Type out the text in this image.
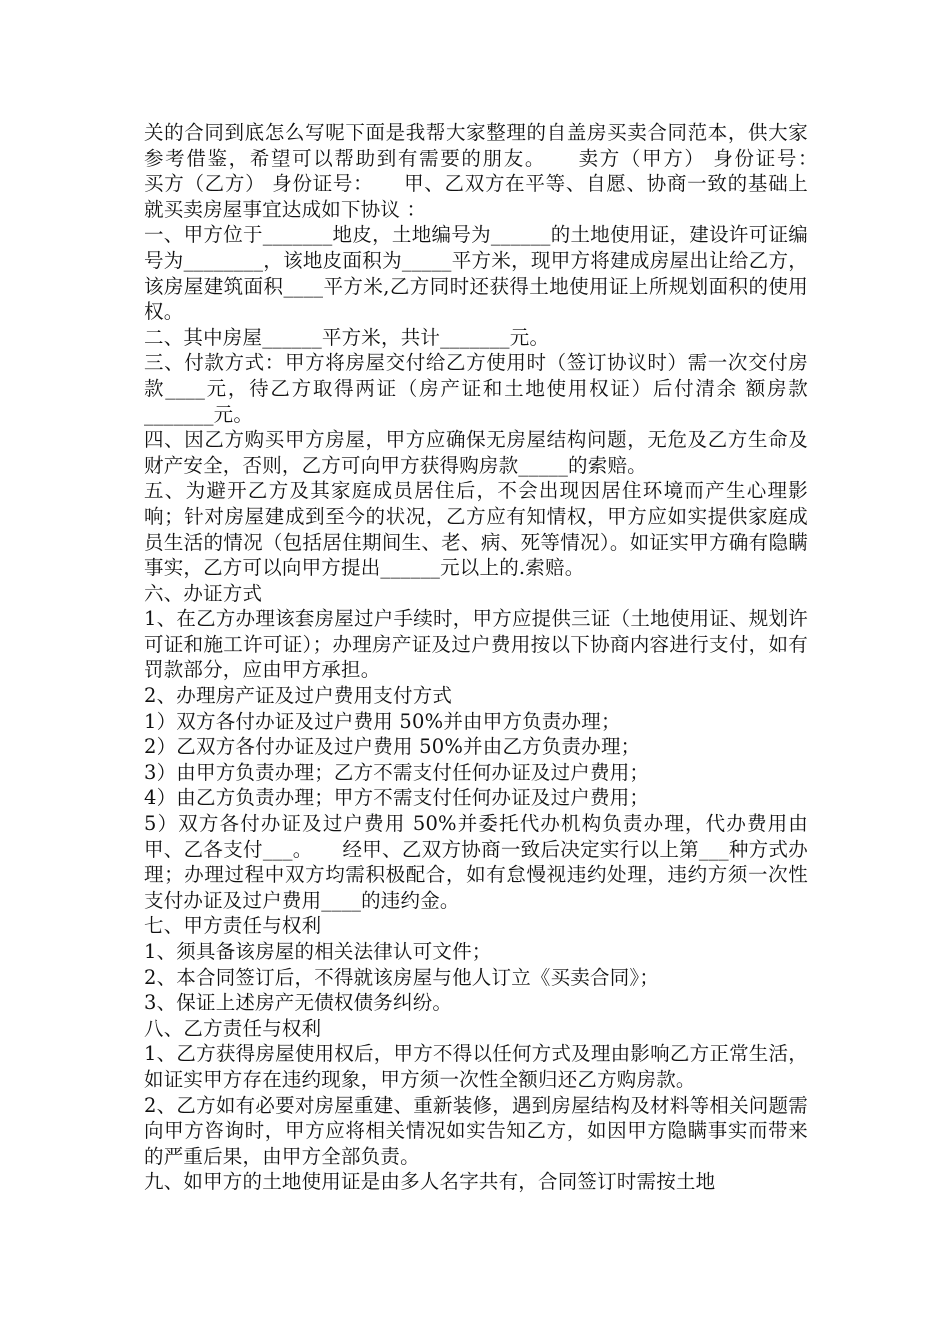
关的合同到底怎么写呢下面是我帮大家整理的自盖房买卖合同范本，供大家参考借鉴，希望可以帮助到有需要的朋友。　　卖方（甲方） 身份证号：　　买方（乙方） 身份证号：　　甲、乙双方在平等、自愿、协商一致的基础上就买卖房屋事宜达成如下协议 ：

一、甲方位于_______地皮，土地编号为______的土地使用证，建设许可证编号为________，该地皮面积为_____平方米，现甲方将建成房屋出让给乙方，该房屋建筑面积____平方米,乙方同时还获得土地使用证上所规划面积的使用权。

二、其中房屋______平方米，共计_______元。

三、付款方式：甲方将房屋交付给乙方使用时（签订协议时）需一次交付房款____元，待乙方取得两证（房产证和土地使用权证）后付清余 额房款_______元。

四、因乙方购买甲方房屋，甲方应确保无房屋结构问题，无危及乙方生命及财产安全，否则，乙方可向甲方获得购房款_____的索赔。

五、为避开乙方及其家庭成员居住后，不会出现因居住环境而产生心理影响；针对房屋建成到至今的状况，乙方应有知情权，甲方应如实提供家庭成员生活的情况（包括居住期间生、老、病、死等情况）。如证实甲方确有隐瞒事实，乙方可以向甲方提出______元以上的.索赔。

六、办证方式

1、在乙方办理该套房屋过户手续时，甲方应提供三证（土地使用证、规划许可证和施工许可证）；办理房产证及过户费用按以下协商内容进行支付，如有罚款部分，应由甲方承担。

2、办理房产证及过户费用支付方式

1）双方各付办证及过户费用 50%并由甲方负责办理；

2）乙双方各付办证及过户费用 50%并由乙方负责办理；

3）由甲方负责办理；乙方不需支付任何办证及过户费用；

4）由乙方负责办理；甲方不需支付任何办证及过户费用；

5）双方各付办证及过户费用 50%并委托代办机构负责办理，代办费用由 甲、乙各支付___。　　经甲、乙双方协商一致后决定实行以上第___种方式办理；办理过程中双方均需积极配合，如有怠慢视违约处理，违约方须一次性支付办证及过户费用____的违约金。

七、甲方责任与权利

1、须具备该房屋的相关法律认可文件；

2、本合同签订后，不得就该房屋与他人订立《买卖合同》；

3、保证上述房产无债权债务纠纷。

八、乙方责任与权利

1、乙方获得房屋使用权后，甲方不得以任何方式及理由影响乙方正常生活，如证实甲方存在违约现象，甲方须一次性全额归还乙方购房款。

2、乙方如有必要对房屋重建、重新装修，遇到房屋结构及材料等相关问题需向甲方咨询时，甲方应将相关情况如实告知乙方，如因甲方隐瞒事实而带来的严重后果，由甲方全部负责。

九、如甲方的土地使用证是由多人名字共有，合同签订时需按土地
